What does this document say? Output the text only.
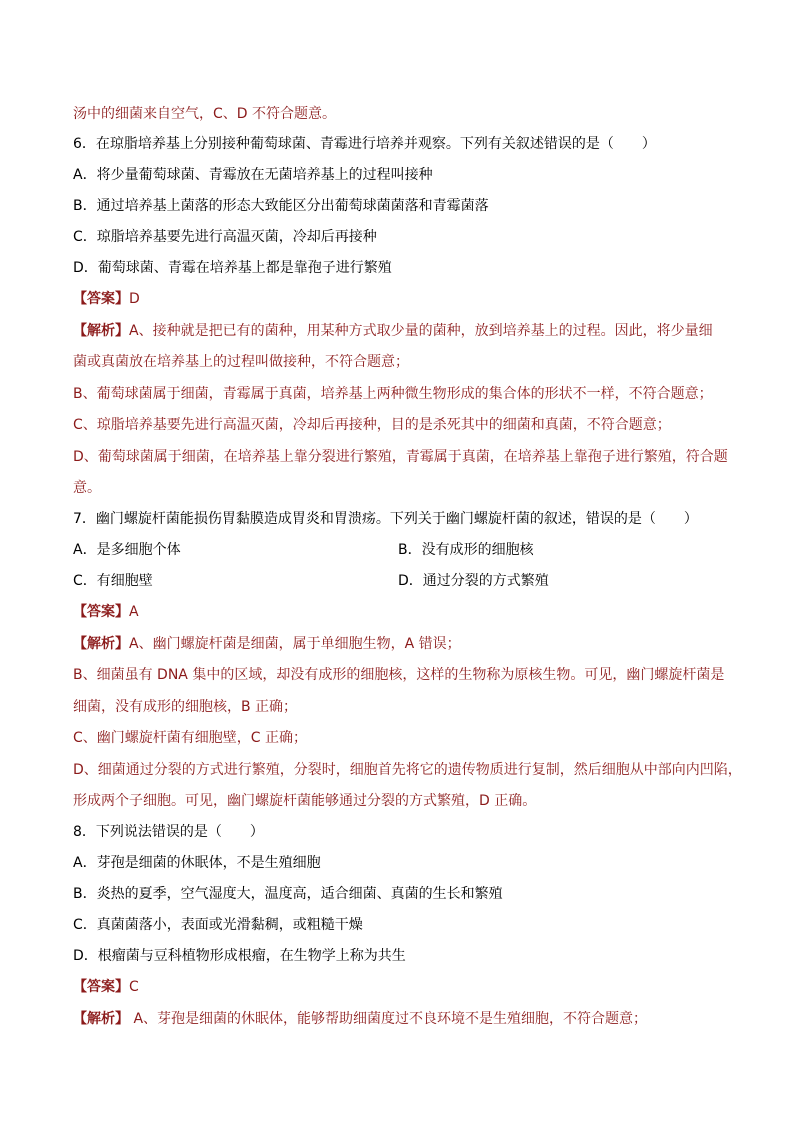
汤中的细菌来自空气，C、D 不符合题意。
6．在琼脂培养基上分别接种葡萄球菌、青霉进行培养并观察。下列有关叙述错误的是（　　）
A．将少量葡萄球菌、青霉放在无菌培养基上的过程叫接种
B．通过培养基上菌落的形态大致能区分出葡萄球菌菌落和青霉菌落
C．琼脂培养基要先进行高温灭菌，冷却后再接种
D．葡萄球菌、青霉在培养基上都是靠孢子进行繁殖
【答案】D
【解析】A、接种就是把已有的菌种，用某种方式取少量的菌种，放到培养基上的过程。因此，将少量细
菌或真菌放在培养基上的过程叫做接种，不符合题意；
B、葡萄球菌属于细菌，青霉属于真菌，培养基上两种微生物形成的集合体的形状不一样，不符合题意；
C、琼脂培养基要先进行高温灭菌，冷却后再接种，目的是杀死其中的细菌和真菌，不符合题意；
D、葡萄球菌属于细菌，在培养基上靠分裂进行繁殖，青霉属于真菌，在培养基上靠孢子进行繁殖，符合题
意。
7．幽门螺旋杆菌能损伤胃黏膜造成胃炎和胃溃疡。下列关于幽门螺旋杆菌的叙述，错误的是（　　）
A．是多细胞个体	B．没有成形的细胞核
C．有细胞壁	D．通过分裂的方式繁殖
【答案】A
【解析】A、幽门螺旋杆菌是细菌，属于单细胞生物，A 错误；
B、细菌虽有 DNA 集中的区域，却没有成形的细胞核，这样的生物称为原核生物。可见，幽门螺旋杆菌是
细菌，没有成形的细胞核，B 正确；
C、幽门螺旋杆菌有细胞壁，C 正确；
D、细菌通过分裂的方式进行繁殖，分裂时，细胞首先将它的遗传物质进行复制，然后细胞从中部向内凹陷，
形成两个子细胞。可见，幽门螺旋杆菌能够通过分裂的方式繁殖，D 正确。
8．下列说法错误的是（　　）
A．芽孢是细菌的休眠体，不是生殖细胞
B．炎热的夏季，空气湿度大，温度高，适合细菌、真菌的生长和繁殖
C．真菌菌落小，表面或光滑黏稠，或粗糙干燥
D．根瘤菌与豆科植物形成根瘤，在生物学上称为共生
【答案】C
【解析】 A、芽孢是细菌的休眠体，能够帮助细菌度过不良环境不是生殖细胞，不符合题意；
